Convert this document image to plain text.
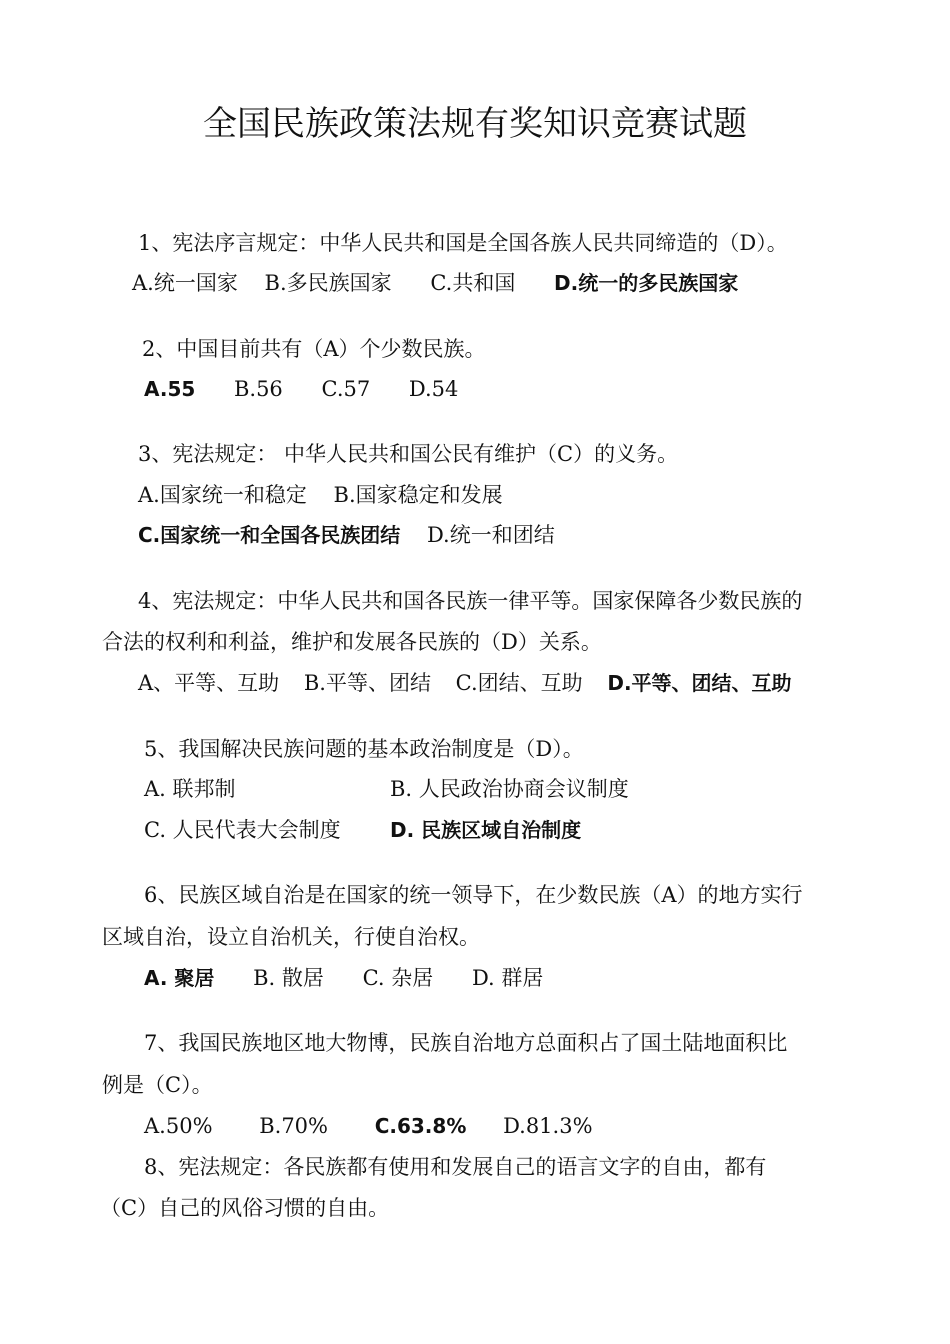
全国民族政策法规有奖知识竞赛试题
1、宪法序言规定：中华人民共和国是全国各族人民共同缔造的（D）。
A.统一国家 B.多民族国家 C.共和国 D.统一的多民族国家
2、中国目前共有（A）个少数民族。
A.55 B.56 C.57 D.54
3、宪法规定： 中华人民共和国公民有维护（C）的义务。
A.国家统一和稳定 B.国家稳定和发展
C.国家统一和全国各民族团结 D.统一和团结
4、宪法规定：中华人民共和国各民族一律平等。国家保障各少数民族的
合法的权利和利益，维护和发展各民族的（D）关系。
A、平等、互助 B.平等、团结 C.团结、互助 D.平等、团结、互助
5、我国解决民族问题的基本政治制度是（D）。
A. 联邦制	B. 人民政治协商会议制度
C. 人民代表大会制度 D. 民族区域自治制度
6、民族区域自治是在国家的统一领导下，在少数民族（A）的地方实行
区域自治，设立自治机关，行使自治权。
A. 聚居 B. 散居 C. 杂居 D. 群居
7、我国民族地区地大物博，民族自治地方总面积占了国土陆地面积比
例是（C）。
A.50% B.70% C.63.8% D.81.3%
8、宪法规定：各民族都有使用和发展自己的语言文字的自由，都有
（C）自己的风俗习惯的自由。
